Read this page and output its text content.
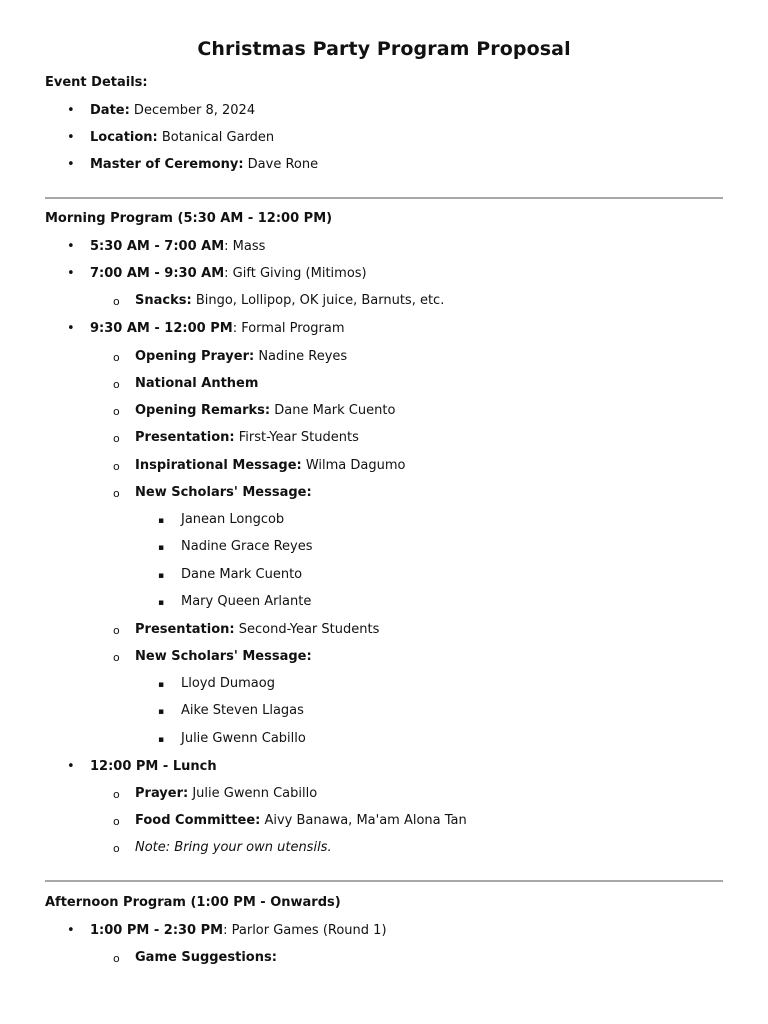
Christmas Party Program Proposal
Event Details:
• Date: December 8, 2024
• Location: Botanical Garden
• Master of Ceremony: Dave Rone
Morning Program (5:30 AM - 12:00 PM)
• 5:30 AM - 7:00 AM: Mass
• 7:00 AM - 9:30 AM: Gift Giving (Mitimos)
o Snacks: Bingo, Lollipop, OK juice, Barnuts, etc.
• 9:30 AM - 12:00 PM: Formal Program
o Opening Prayer: Nadine Reyes
o National Anthem
o Opening Remarks: Dane Mark Cuento
o Presentation: First-Year Students
o Inspirational Message: Wilma Dagumo
o New Scholars' Message:
▪ Janean Longcob
▪ Nadine Grace Reyes
▪ Dane Mark Cuento
▪ Mary Queen Arlante
o Presentation: Second-Year Students
o New Scholars' Message:
▪ Lloyd Dumaog
▪ Aike Steven Llagas
▪ Julie Gwenn Cabillo
• 12:00 PM - Lunch
o Prayer: Julie Gwenn Cabillo
o Food Committee: Aivy Banawa, Ma'am Alona Tan
o Note: Bring your own utensils.
Afternoon Program (1:00 PM - Onwards)
• 1:00 PM - 2:30 PM: Parlor Games (Round 1)
o Game Suggestions:
